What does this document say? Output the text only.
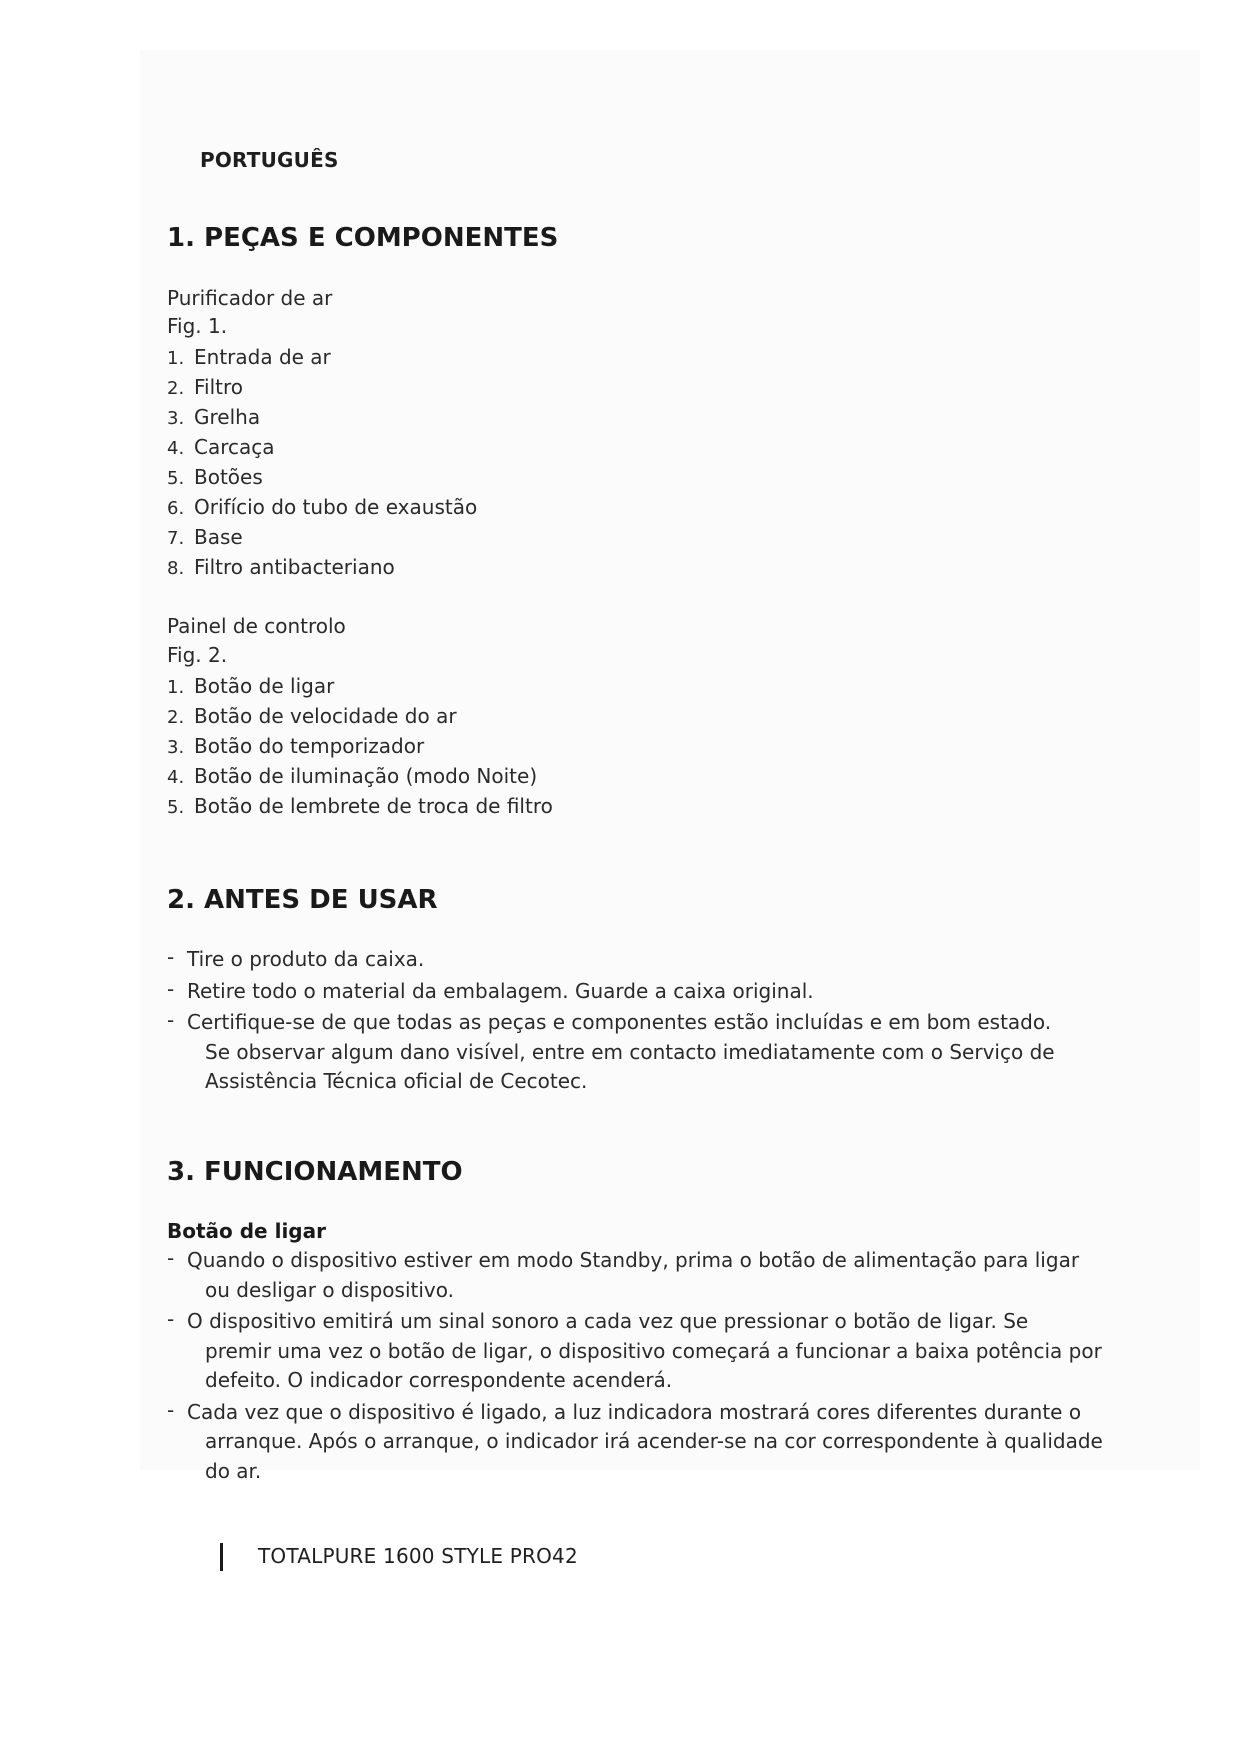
PORTUGUÊS
1. PEÇAS E COMPONENTES
Purificador de ar
Fig. 1.
1. Entrada de ar
2. Filtro
3. Grelha
4. Carcaça
5. Botões
6. Orifício do tubo de exaustão
7. Base
8. Filtro antibacteriano
Painel de controlo
Fig. 2.
1. Botão de ligar
2. Botão de velocidade do ar
3. Botão do temporizador
4. Botão de iluminação (modo Noite)
5. Botão de lembrete de troca de filtro
2. ANTES DE USAR
- Tire o produto da caixa.
- Retire todo o material da embalagem. Guarde a caixa original.
- Certifique-se de que todas as peças e componentes estão incluídas e em bom estado.
Se observar algum dano visível, entre em contacto imediatamente com o Serviço de
Assistência Técnica oficial de Cecotec.
3. FUNCIONAMENTO
Botão de ligar
- Quando o dispositivo estiver em modo Standby, prima o botão de alimentação para ligar
ou desligar o dispositivo.
- O dispositivo emitirá um sinal sonoro a cada vez que pressionar o botão de ligar. Se
premir uma vez o botão de ligar, o dispositivo começará a funcionar a baixa potência por
defeito. O indicador correspondente acenderá.
- Cada vez que o dispositivo é ligado, a luz indicadora mostrará cores diferentes durante o
arranque. Após o arranque, o indicador irá acender-se na cor correspondente à qualidade
do ar.
TOTALPURE 1600 STYLE PRO42
